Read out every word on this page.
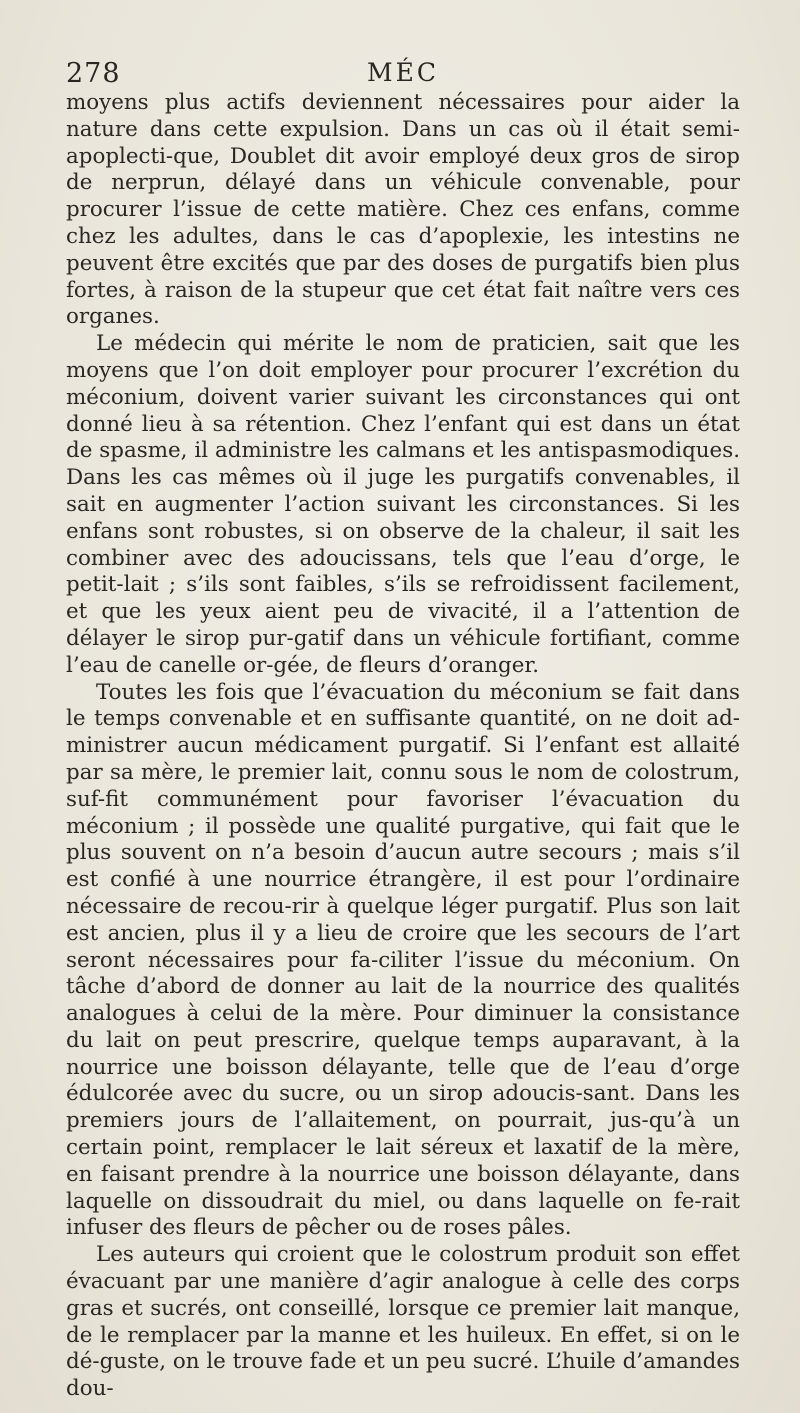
278	MÉC

moyens plus actifs deviennent nécessaires pour aider la nature dans cette expulsion. Dans un cas où il était semi-apoplecti-que, Doublet dit avoir employé deux gros de sirop de nerprun, délayé dans un véhicule convenable, pour procurer l’issue de cette matière. Chez ces enfans, comme chez les adultes, dans le cas d’apoplexie, les intestins ne peuvent être excités que par des doses de purgatifs bien plus fortes, à raison de la stupeur que cet état fait naître vers ces organes.

Le médecin qui mérite le nom de praticien, sait que les moyens que l’on doit employer pour procurer l’excrétion du méconium, doivent varier suivant les circonstances qui ont donné lieu à sa rétention. Chez l’enfant qui est dans un état de spasme, il administre les calmans et les antispasmodiques. Dans les cas mêmes où il juge les purgatifs convenables, il sait en augmenter l’action suivant les circonstances. Si les enfans sont robustes, si on observe de la chaleur, il sait les combiner avec des adoucissans, tels que l’eau d’orge, le petit-lait ; s’ils sont faibles, s’ils se refroidissent facilement, et que les yeux aient peu de vivacité, il a l’attention de délayer le sirop pur-gatif dans un véhicule fortifiant, comme l’eau de canelle or-gée, de fleurs d’oranger.

Toutes les fois que l’évacuation du méconium se fait dans le temps convenable et en suffisante quantité, on ne doit ad-ministrer aucun médicament purgatif. Si l’enfant est allaité par sa mère, le premier lait, connu sous le nom de colostrum, suf-fit communément pour favoriser l’évacuation du méconium ; il possède une qualité purgative, qui fait que le plus souvent on n’a besoin d’aucun autre secours ; mais s’il est confié à une nourrice étrangère, il est pour l’ordinaire nécessaire de recou-rir à quelque léger purgatif. Plus son lait est ancien, plus il y a lieu de croire que les secours de l’art seront nécessaires pour fa-ciliter l’issue du méconium. On tâche d’abord de donner au lait de la nourrice des qualités analogues à celui de la mère. Pour diminuer la consistance du lait on peut prescrire, quelque temps auparavant, à la nourrice une boisson délayante, telle que de l’eau d’orge édulcorée avec du sucre, ou un sirop adoucis-sant. Dans les premiers jours de l’allaitement, on pourrait, jus-qu’à un certain point, remplacer le lait séreux et laxatif de la mère, en faisant prendre à la nourrice une boisson délayante, dans laquelle on dissoudrait du miel, ou dans laquelle on fe-rait infuser des fleurs de pêcher ou de roses pâles.

Les auteurs qui croient que le colostrum produit son effet évacuant par une manière d’agir analogue à celle des corps gras et sucrés, ont conseillé, lorsque ce premier lait manque, de le remplacer par la manne et les huileux. En effet, si on le dé-guste, on le trouve fade et un peu sucré. L’huile d’amandes dou-
